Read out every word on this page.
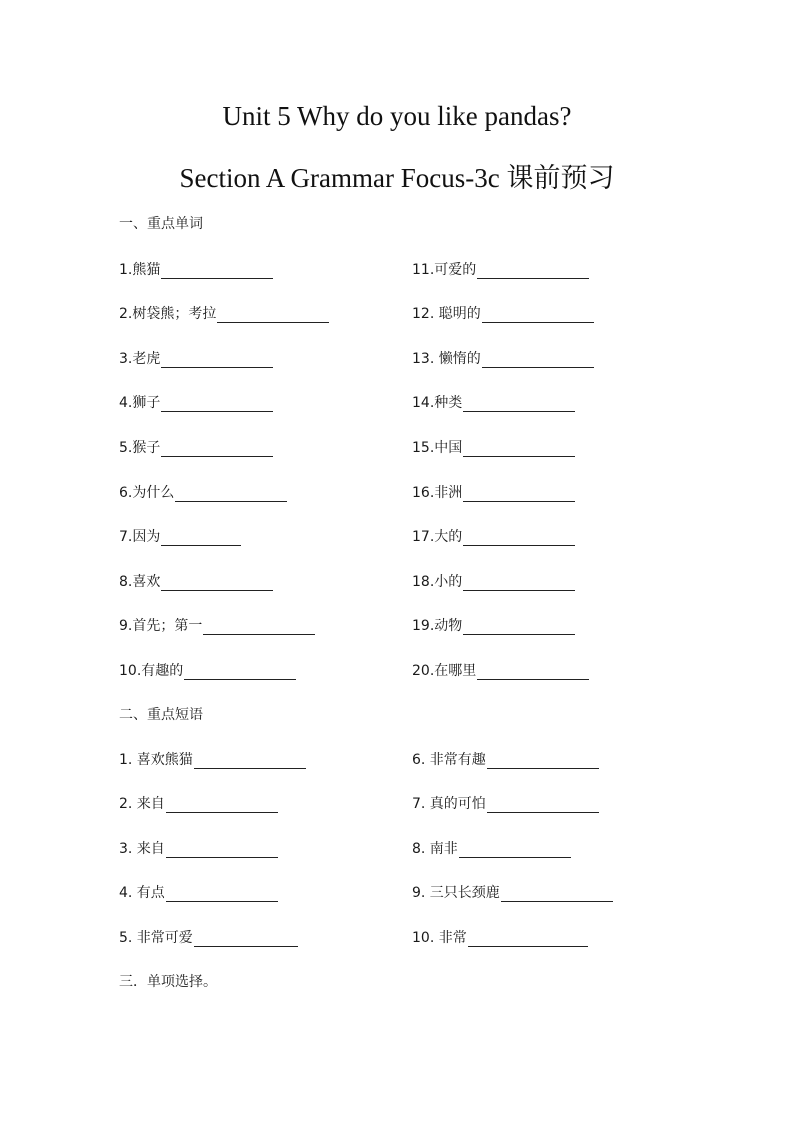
Unit 5 Why do you like pandas?
Section A Grammar Focus-3c 课前预习
一、重点单词
1.熊猫
2.树袋熊；考拉
3.老虎
4.狮子
5.猴子
6.为什么
7.因为
8.喜欢
9.首先；第一
10.有趣的
11.可爱的
12. 聪明的
13. 懒惰的
14.种类
15.中国
16.非洲
17.大的
18.小的
19.动物
20.在哪里
二、重点短语
1. 喜欢熊猫
2. 来自
3. 来自
4. 有点
5. 非常可爱
6. 非常有趣
7. 真的可怕
8. 南非
9. 三只长颈鹿
10. 非常
三．单项选择。
